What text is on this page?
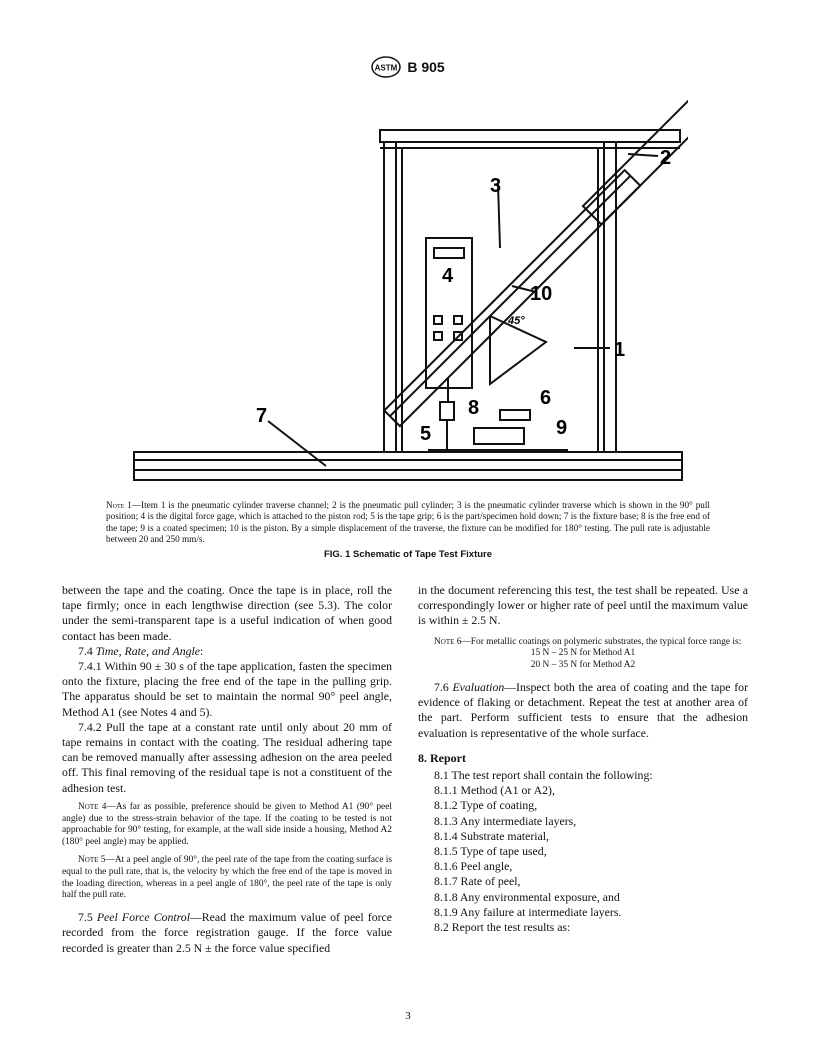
ASTM B 905
2
3
4
10
1
45°
6
8
5	9
7
Note 1—Item 1 is the pneumatic cylinder traverse channel; 2 is the pneumatic pull cylinder; 3 is the pneumatic cylinder traverse which is shown in the 90° pull position; 4 is the digital force gage, which is attached to the piston rod; 5 is the tape grip; 6 is the part/specimen hold down; 7 is the fixture base; 8 is the free end of the tape; 9 is a coated specimen; 10 is the piston. By a simple displacement of the traverse, the fixture can be modified for 180° testing. The pull rate is adjustable between 20 and 250 mm/s.
FIG. 1 Schematic of Tape Test Fixture

between the tape and the coating. Once the tape is in place, roll the tape firmly; once in each lengthwise direction (see 5.3). The color under the semi-transparent tape is a useful indication of when good contact has been made.

7.4 Time, Rate, and Angle:

7.4.1 Within 90 ± 30 s of the tape application, fasten the specimen onto the fixture, placing the free end of the tape in the pulling grip. The apparatus should be set to maintain the normal 90° peel angle, Method A1 (see Notes 4 and 5).

7.4.2 Pull the tape at a constant rate until only about 20 mm of tape remains in contact with the coating. The residual adhering tape can be removed manually after assessing adhesion on the area peeled off. This final removing of the residual tape is not a constituent of the adhesion test.

Note 4—As far as possible, preference should be given to Method A1 (90° peel angle) due to the stress-strain behavior of the tape. If the coating to be tested is not approachable for 90° testing, for example, at the wall side inside a housing, Method A2 (180° peel angle) may be applied.

Note 5—At a peel angle of 90°, the peel rate of the tape from the coating surface is equal to the pull rate, that is, the velocity by which the free end of the tape is moved in the loading direction, whereas in a peel angle of 180°, the peel rate of the tape is only half the pull rate.

7.5 Peel Force Control—Read the maximum value of peel force recorded from the force registration gauge. If the force value recorded is greater than 2.5 N ± the force value specified

in the document referencing this test, the test shall be repeated. Use a correspondingly lower or higher rate of peel until the maximum value is within ± 2.5 N.

Note 6—For metallic coatings on polymeric substrates, the typical force range is:

15 N – 25 N for Method A1

20 N – 35 N for Method A2

7.6 Evaluation—Inspect both the area of coating and the tape for evidence of flaking or detachment. Repeat the test at another area of the part. Perform sufficient tests to ensure that the adhesion evaluation is representative of the whole surface.

8. Report

8.1 The test report shall contain the following:

8.1.1 Method (A1 or A2),

8.1.2 Type of coating,

8.1.3 Any intermediate layers,

8.1.4 Substrate material,

8.1.5 Type of tape used,

8.1.6 Peel angle,

8.1.7 Rate of peel,

8.1.8 Any environmental exposure, and

8.1.9 Any failure at intermediate layers.

8.2 Report the test results as:

3
